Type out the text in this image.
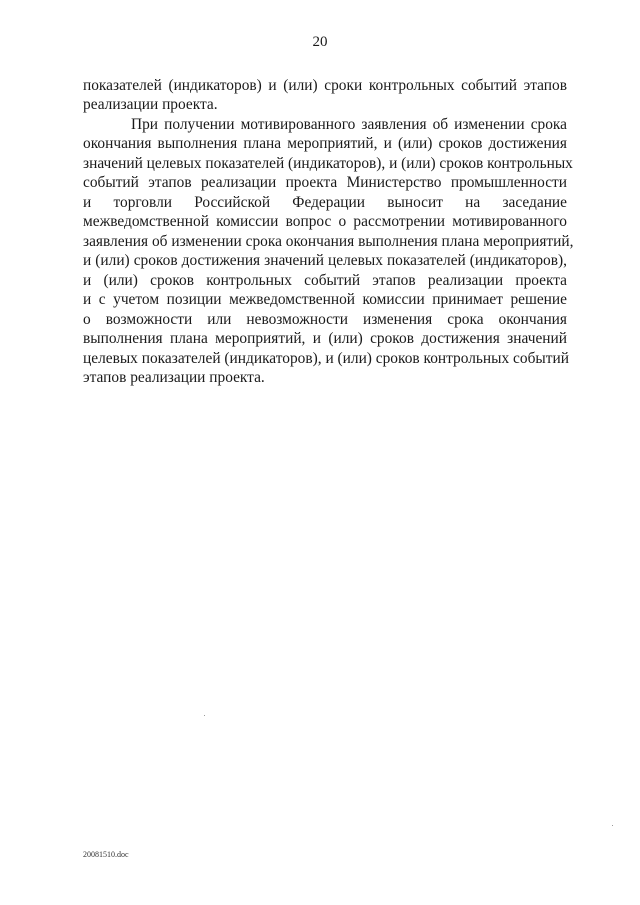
20
показателей (индикаторов) и (или) сроки контрольных событий этапов
реализации проекта.
При получении мотивированного заявления об изменении срока
окончания выполнения плана мероприятий, и (или) сроков достижения
значений целевых показателей (индикаторов), и (или) сроков контрольных
событий этапов реализации проекта Министерство промышленности
и торговли Российской Федерации выносит на заседание
межведомственной комиссии вопрос о рассмотрении мотивированного
заявления об изменении срока окончания выполнения плана мероприятий,
и (или) сроков достижения значений целевых показателей (индикаторов),
и (или) сроков контрольных событий этапов реализации проекта
и с учетом позиции межведомственной комиссии принимает решение
о возможности или невозможности изменения срока окончания
выполнения плана мероприятий, и (или) сроков достижения значений
целевых показателей (индикаторов), и (или) сроков контрольных событий
этапов реализации проекта.
20081510.doc
